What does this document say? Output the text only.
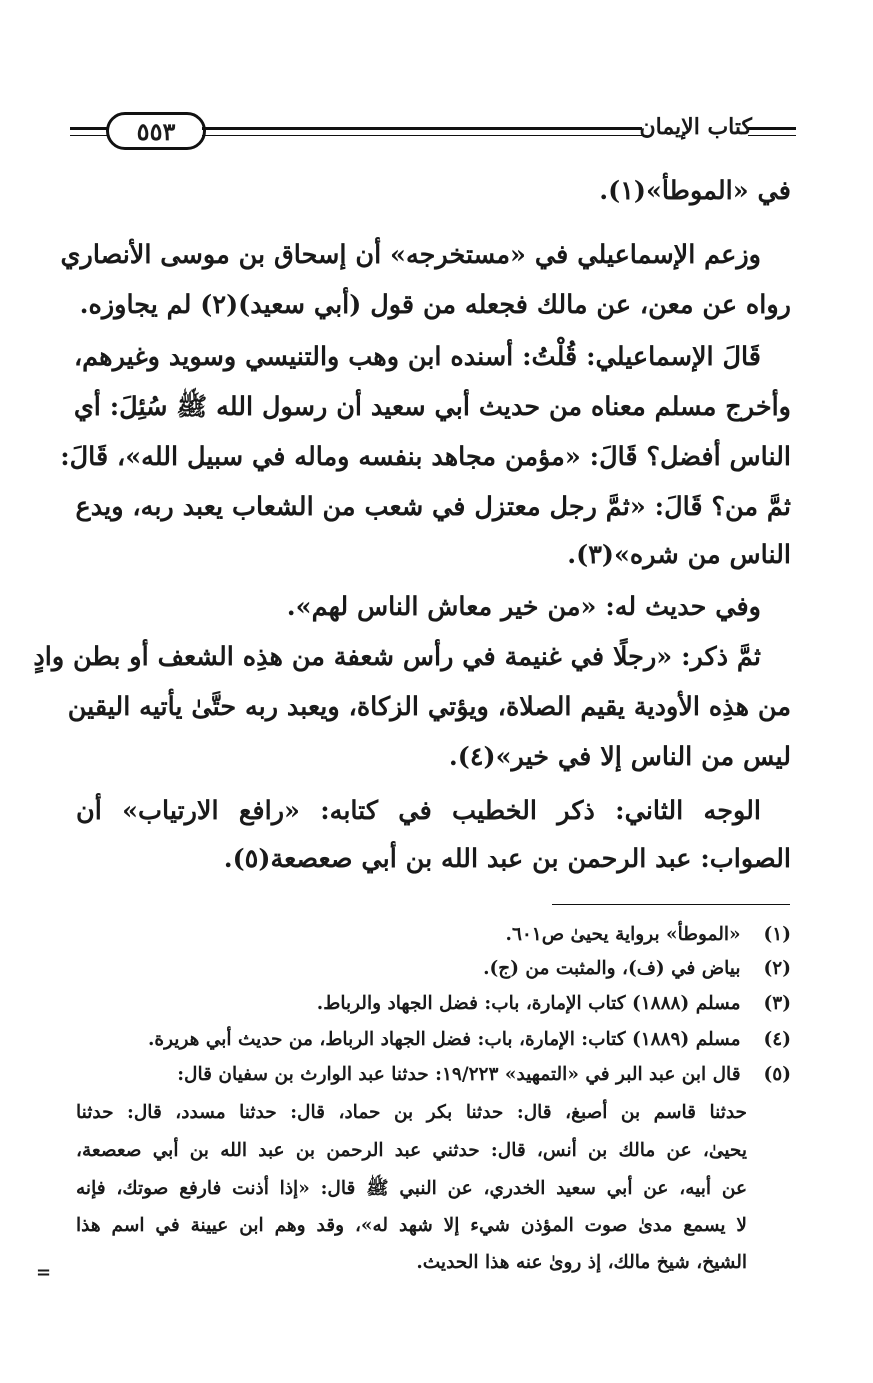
٥٥٣	كتاب الإيمان
في «الموطأ»(١).
وزعم الإسماعيلي في «مستخرجه» أن إسحاق بن موسى الأنصاري
رواه عن معن، عن مالك فجعله من قول (أبي سعيد)(٢) لم يجاوزه.
قَالَ الإسماعيلي: قُلْتُ: أسنده ابن وهب والتنيسي وسويد وغيرهم،
وأخرج مسلم معناه من حديث أبي سعيد أن رسول الله ﷺ سُئِلَ: أي
الناس أفضل؟ قَالَ: «مؤمن مجاهد بنفسه وماله في سبيل الله»، قَالَ:
ثمَّ من؟ قَالَ: «ثمَّ رجل معتزل في شعب من الشعاب يعبد ربه، ويدع
الناس من شره»(٣).
وفي حديث له: «من خير معاش الناس لهم».
ثمَّ ذكر: «رجلًا في غنيمة في رأس شعفة من هذِه الشعف أو بطن وادٍ
من هذِه الأودية يقيم الصلاة، ويؤتي الزكاة، ويعبد ربه حتَّىٰ يأتيه اليقين
ليس من الناس إلا في خير»(٤).
الوجه الثاني: ذكر الخطيب في كتابه: «رافع الارتياب» أن
الصواب: عبد الرحمن بن عبد الله بن أبي صعصعة(٥).
(١) «الموطأ» برواية يحيىٰ ص٦٠١.
(٢) بياض في (ف)، والمثبت من (ج).
(٣) مسلم (١٨٨٨) كتاب الإمارة، باب: فضل الجهاد والرباط.
(٤) مسلم (١٨٨٩) كتاب: الإمارة، باب: فضل الجهاد الرباط، من حديث أبي هريرة.
(٥) قال ابن عبد البر في «التمهيد» ١٩/٢٢٣: حدثنا عبد الوارث بن سفيان قال:
حدثنا قاسم بن أصبغ، قال: حدثنا بكر بن حماد، قال: حدثنا مسدد، قال: حدثنا
يحيىٰ، عن مالك بن أنس، قال: حدثني عبد الرحمن بن عبد الله بن أبي صعصعة،
عن أبيه، عن أبي سعيد الخدري، عن النبي ﷺ قال: «إذا أذنت فارفع صوتك، فإنه
لا يسمع مدىٰ صوت المؤذن شيء إلا شهد له»، وقد وهم ابن عيينة في اسم هذا
الشيخ، شيخ مالك، إذ روىٰ عنه هذا الحديث.
=
